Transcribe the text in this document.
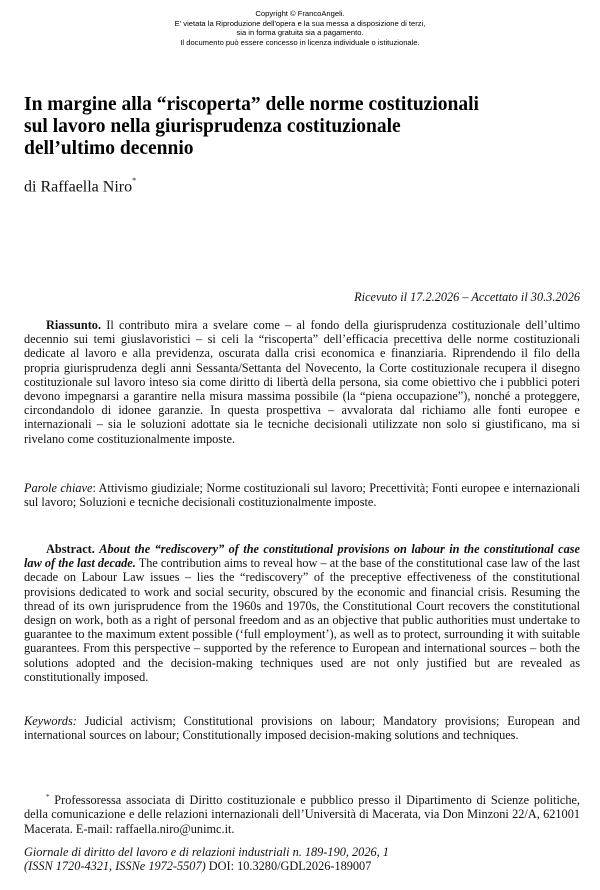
Copyright © FrancoAngeli.
E' vietata la Riproduzione dell'opera e la sua messa a disposizione di terzi,
sia in forma gratuita sia a pagamento.
Il documento può essere concesso in licenza individuale o istituzionale.
In margine alla “riscoperta” delle norme costituzionali
sul lavoro nella giurisprudenza costituzionale
dell’ultimo decennio
di Raffaella Niro*
Ricevuto il 17.2.2026 – Accettato il 30.3.2026

Riassunto. Il contributo mira a svelare come – al fondo della giurisprudenza costituzionale dell’ultimo decennio sui temi giuslavoristici – si celi la “riscoperta” dell’efficacia precettiva delle norme costituzionali dedicate al lavoro e alla previdenza, oscurata dalla crisi economica e finanziaria. Riprendendo il filo della propria giurisprudenza degli anni Sessanta/Settanta del Novecento, la Corte costituzionale recupera il disegno costituzionale sul lavoro inteso sia come diritto di libertà della persona, sia come obiettivo che i pubblici poteri devono impegnarsi a garantire nella misura massima possibile (la “piena occupazione”), nonché a proteggere, circondandolo di idonee garanzie. In questa prospettiva – avvalorata dal richiamo alle fonti europee e internazionali – sia le soluzioni adottate sia le tecniche decisionali utilizzate non solo si giustificano, ma si rivelano come costituzionalmente imposte.

Parole chiave: Attivismo giudiziale; Norme costituzionali sul lavoro; Precettività; Fonti europee e internazionali sul lavoro; Soluzioni e tecniche decisionali costituzionalmente imposte.

Abstract. About the “rediscovery” of the constitutional provisions on labour in the constitutional case law of the last decade. The contribution aims to reveal how – at the base of the constitutional case law of the last decade on Labour Law issues – lies the “rediscovery” of the preceptive effectiveness of the constitutional provisions dedicated to work and social security, obscured by the economic and financial crisis. Resuming the thread of its own jurisprudence from the 1960s and 1970s, the Constitutional Court recovers the constitutional design on work, both as a right of personal freedom and as an objective that public authorities must undertake to guarantee to the maximum extent possible (‘full employment’), as well as to protect, surrounding it with suitable guarantees. From this perspective – supported by the reference to European and international sources – both the solutions adopted and the decision-making techniques used are not only justified but are revealed as constitutionally imposed.

Keywords: Judicial activism; Constitutional provisions on labour; Mandatory provisions; European and international sources on labour; Constitutionally imposed decision-making solutions and techniques.

* Professoressa associata di Diritto costituzionale e pubblico presso il Dipartimento di Scienze politiche, della comunicazione e delle relazioni internazionali dell’Università di Macerata, via Don Minzoni 22/A, 621001 Macerata. E-mail: raffaella.niro@unimc.it.

Giornale di diritto del lavoro e di relazioni industriali n. 189-190, 2026, 1
(ISSN 1720-4321, ISSNe 1972-5507) DOI: 10.3280/GDL2026-189007
